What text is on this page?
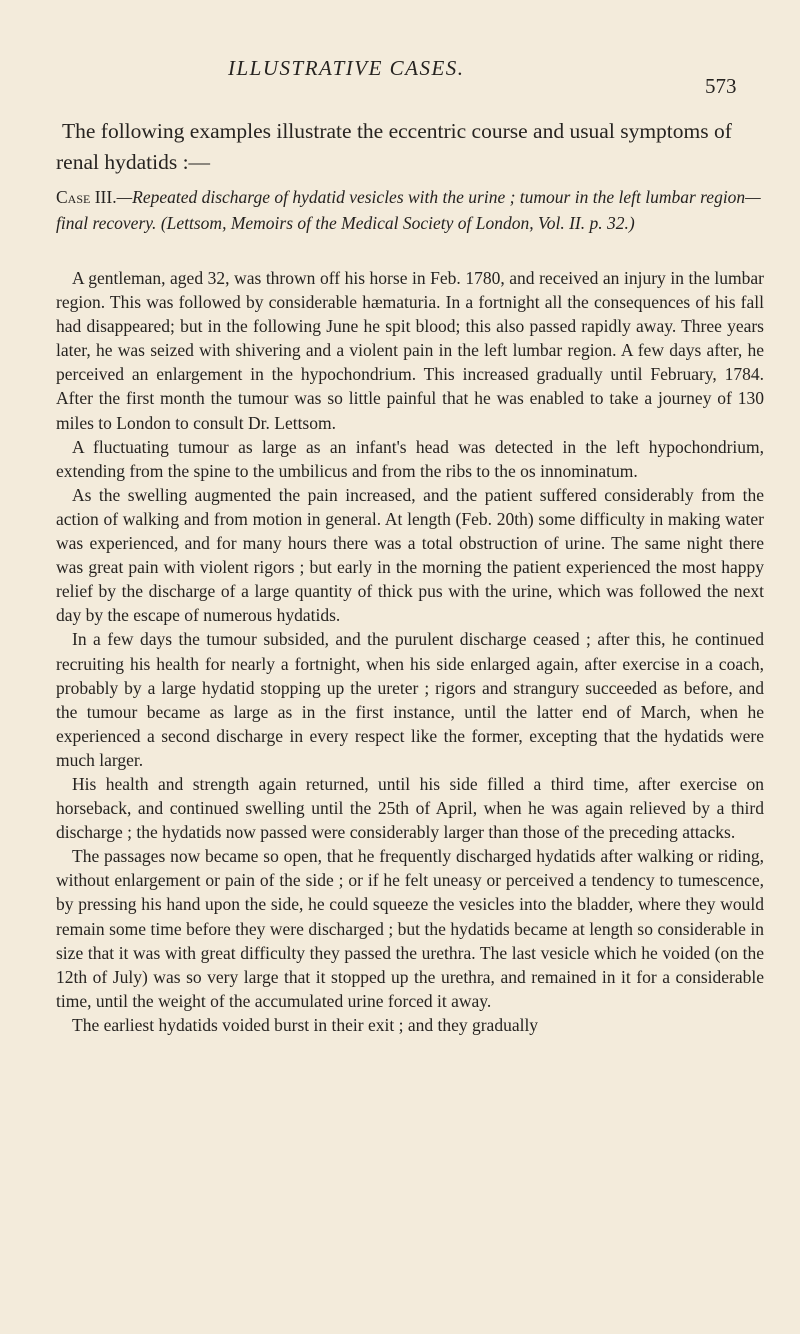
ILLUSTRATIVE CASES.
573

The following examples illustrate the eccentric course and usual symptoms of renal hydatids :—

Case III.—Repeated discharge of hydatid vesicles with the urine ; tumour in the left lumbar region—final recovery. (Lettsom, Memoirs of the Medical Society of London, Vol. II. p. 32.)

A gentleman, aged 32, was thrown off his horse in Feb. 1780, and received an injury in the lumbar region. This was followed by considerable hæmaturia. In a fortnight all the consequences of his fall had disappeared; but in the following June he spit blood; this also passed rapidly away. Three years later, he was seized with shivering and a violent pain in the left lumbar region. A few days after, he perceived an enlargement in the hypochondrium. This increased gradually until February, 1784. After the first month the tumour was so little painful that he was enabled to take a journey of 130 miles to London to consult Dr. Lettsom.

A fluctuating tumour as large as an infant's head was detected in the left hypochondrium, extending from the spine to the umbilicus and from the ribs to the os innominatum.

As the swelling augmented the pain increased, and the patient suffered considerably from the action of walking and from motion in general. At length (Feb. 20th) some difficulty in making water was experienced, and for many hours there was a total obstruction of urine. The same night there was great pain with violent rigors ; but early in the morning the patient experienced the most happy relief by the discharge of a large quantity of thick pus with the urine, which was followed the next day by the escape of numerous hydatids.

In a few days the tumour subsided, and the purulent discharge ceased ; after this, he continued recruiting his health for nearly a fortnight, when his side enlarged again, after exercise in a coach, probably by a large hydatid stopping up the ureter ; rigors and strangury succeeded as before, and the tumour became as large as in the first instance, until the latter end of March, when he experienced a second discharge in every respect like the former, excepting that the hydatids were much larger.

His health and strength again returned, until his side filled a third time, after exercise on horseback, and continued swelling until the 25th of April, when he was again relieved by a third discharge ; the hydatids now passed were considerably larger than those of the preceding attacks.

The passages now became so open, that he frequently discharged hydatids after walking or riding, without enlargement or pain of the side ; or if he felt uneasy or perceived a tendency to tumescence, by pressing his hand upon the side, he could squeeze the vesicles into the bladder, where they would remain some time before they were discharged ; but the hydatids became at length so considerable in size that it was with great difficulty they passed the urethra. The last vesicle which he voided (on the 12th of July) was so very large that it stopped up the urethra, and remained in it for a considerable time, until the weight of the accumulated urine forced it away.

The earliest hydatids voided burst in their exit ; and they gradually
